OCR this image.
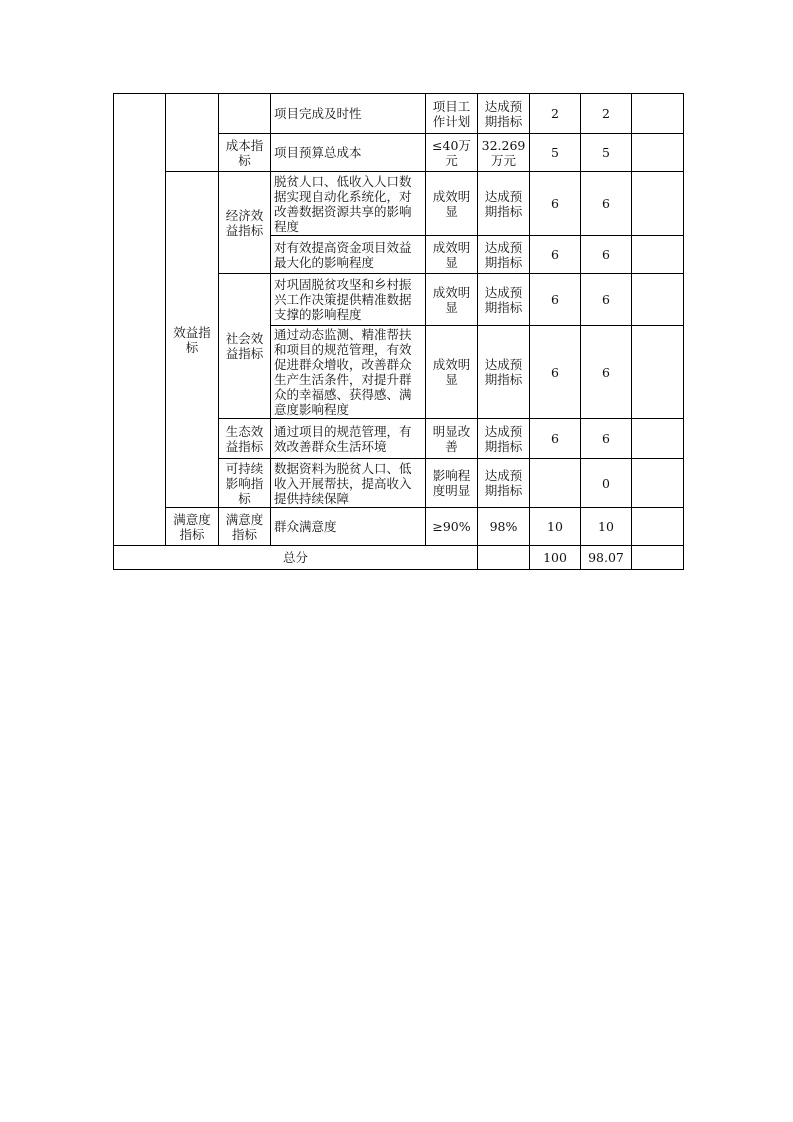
			项目完成及时性	项目工作计划	达成预期指标	2	2	
		成本指标	项目预算总成本	≤40万元	32.269万元	5	5	
	效益指标	经济效益指标	脱贫人口、低收入人口数据实现自动化系统化，对改善数据资源共享的影响程度	成效明显	达成预期指标	6	6	
			对有效提高资金项目效益最大化的影响程度	成效明显	达成预期指标	6	6	
		社会效益指标	对巩固脱贫攻坚和乡村振兴工作决策提供精准数据支撑的影响程度	成效明显	达成预期指标	6	6	
			通过动态监测、精准帮扶和项目的规范管理，有效促进群众增收，改善群众生产生活条件，对提升群众的幸福感、获得感、满意度影响程度	成效明显	达成预期指标	6	6	
		生态效益指标	通过项目的规范管理，有效改善群众生活环境	明显改善	达成预期指标	6	6	
		可持续影响指标	数据资料为脱贫人口、低收入开展帮扶，提高收入提供持续保障	影响程度明显	达成预期指标		0	
	满意度指标	满意度指标	群众满意度	≥90%	98%	10	10	
总分						100	98.07	
